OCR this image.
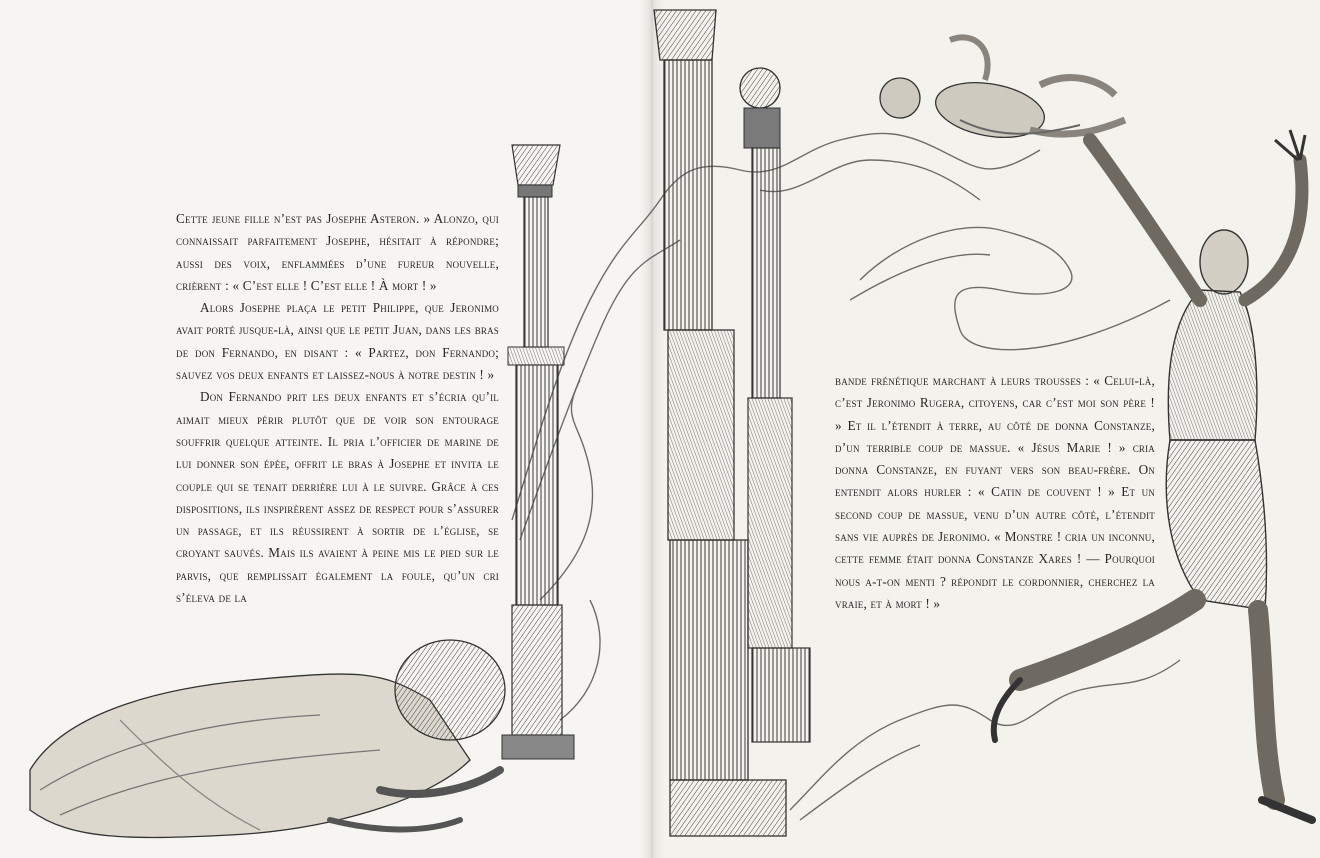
Cette jeune fille n’est pas Josephe Asteron. » Alonzo, qui connaissait parfaitement Josephe, hésitait à répondre; aussi des voix, enflammées d’une fureur nouvelle, crièrent : « C’est elle ! C’est elle ! À mort ! »

Alors Josephe plaça le petit Philippe, que Jeronimo avait porté jusque-là, ainsi que le petit Juan, dans les bras de don Fernando, en disant : « Partez, don Fernando; sauvez vos deux enfants et laissez-nous à notre destin ! »

Don Fernando prit les deux enfants et s’écria qu’il aimait mieux périr plutôt que de voir son entourage souffrir quelque atteinte. Il pria l’officier de marine de lui donner son épée, offrit le bras à Josephe et invita le couple qui se tenait derrière lui à le suivre. Grâce à ces dispositions, ils inspirèrent assez de respect pour s’assurer un passage, et ils réussirent à sortir de l’église, se croyant sauvés. Mais ils avaient à peine mis le pied sur le parvis, que remplissait également la foule, qu’un cri s’éleva de la

bande frénétique marchant à leurs trousses : « Celui-là, c’est Jeronimo Rugera, citoyens, car c’est moi son père ! » Et il l’étendit à terre, au côté de donna Constanze, d’un terrible coup de massue. « Jésus Marie ! » cria donna Constanze, en fuyant vers son beau-frère. On entendit alors hurler : « Catin de couvent ! » Et un second coup de massue, venu d’un autre côté, l’étendit sans vie auprès de Jeronimo. « Monstre ! cria un inconnu, cette femme était donna Constanze Xares ! — Pourquoi nous a-t-on menti ? répondit le cordonnier, cherchez la vraie, et à mort ! »
